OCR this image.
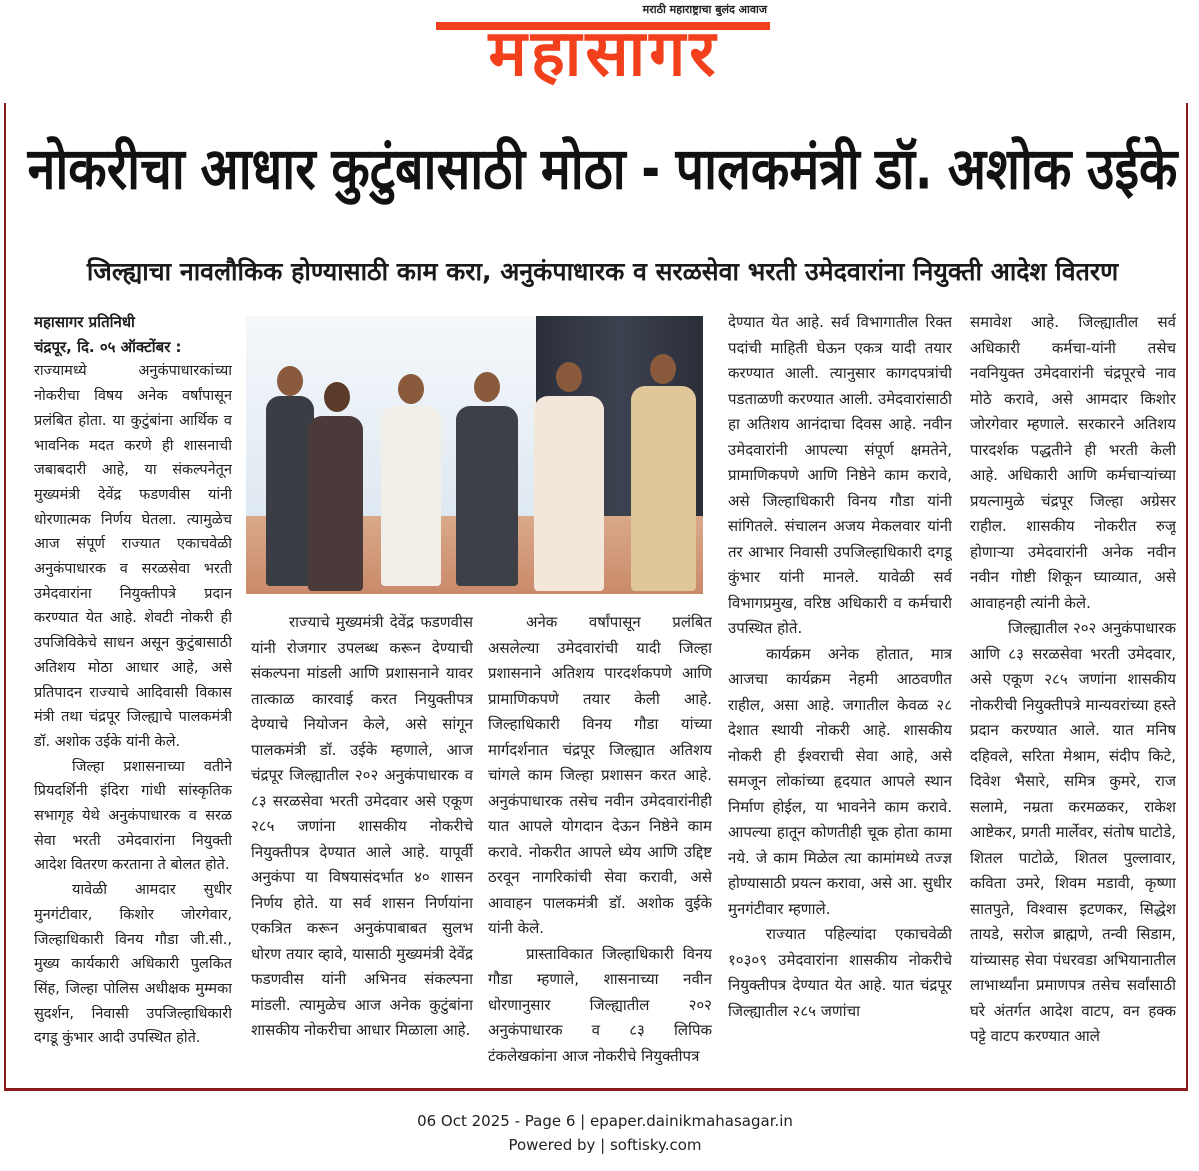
मराठी महाराष्ट्राचा बुलंद आवाज
महासागर
नोकरीचा आधार कुटुंबासाठी मोठा - पालकमंत्री डॉ. अशोक उईके
जिल्ह्याचा नावलौकिक होण्यासाठी काम करा, अनुकंपाधारक व सरळसेवा भरती उमेदवारांना नियुक्ती आदेश वितरण

महासागर प्रतिनिधी

चंद्रपूर, दि. ०५ ऑक्टोंबर :

राज्यामध्ये अनुकंपाधारकांच्या नोकरीचा विषय अनेक वर्षांपासून प्रलंबित होता. या कुटुंबांना आर्थिक व भावनिक मदत करणे ही शासनाची जबाबदारी आहे, या संकल्पनेतून मुख्यमंत्री देवेंद्र फडणवीस यांनी धोरणात्मक निर्णय घेतला. त्यामुळेच आज संपूर्ण राज्यात एकाचवेळी अनुकंपाधारक व सरळसेवा भरती उमेदवारांना नियुक्तीपत्रे प्रदान करण्यात येत आहे. शेवटी नोकरी ही उपजिविकेचे साधन असून कुटुंबासाठी अतिशय मोठा आधार आहे, असे प्रतिपादन राज्याचे आदिवासी विकास मंत्री तथा चंद्रपूर जिल्ह्याचे पालकमंत्री डॉ. अशोक उईके यांनी केले.

जिल्हा प्रशासनाच्या वतीने प्रियदर्शिनी इंदिरा गांधी सांस्कृतिक सभागृह येथे अनुकंपाधारक व सरळ सेवा भरती उमेदवारांना नियुक्ती आदेश वितरण करताना ते बोलत होते.

यावेळी आमदार सुधीर मुनगंटीवार, किशोर जोरगेवार, जिल्हाधिकारी विनय गौडा जी.सी., मुख्य कार्यकारी अधिकारी पुलकित सिंह, जिल्हा पोलिस अधीक्षक मुम्मका सुदर्शन, निवासी उपजिल्हाधिकारी दगडू कुंभार आदी उपस्थित होते.

राज्याचे मुख्यमंत्री देवेंद्र फडणवीस यांनी रोजगार उपलब्ध करून देण्याची संकल्पना मांडली आणि प्रशासनाने यावर तात्काळ कारवाई करत नियुक्तीपत्र देण्याचे नियोजन केले, असे सांगून पालकमंत्री डॉ. उईके म्हणाले, आज चंद्रपूर जिल्ह्यातील २०२ अनुकंपाधारक व ८३ सरळसेवा भरती उमेदवार असे एकूण २८५ जणांना शासकीय नोकरीचे नियुक्तीपत्र देण्यात आले आहे. यापूर्वी अनुकंपा या विषयासंदर्भात ४० शासन निर्णय होते. या सर्व शासन निर्णयांना एकत्रित करून अनुकंपाबाबत सुलभ धोरण तयार व्हावे, यासाठी मुख्यमंत्री देवेंद्र फडणवीस यांनी अभिनव संकल्पना मांडली. त्यामुळेच आज अनेक कुटुंबांना शासकीय नोकरीचा आधार मिळाला आहे.

अनेक वर्षांपासून प्रलंबित असलेल्या उमेदवारांची यादी जिल्हा प्रशासनाने अतिशय पारदर्शकपणे आणि प्रामाणिकपणे तयार केली आहे. जिल्हाधिकारी विनय गौडा यांच्या मार्गदर्शनात चंद्रपूर जिल्ह्यात अतिशय चांगले काम जिल्हा प्रशासन करत आहे. अनुकंपाधारक तसेच नवीन उमेदवारांनीही यात आपले योगदान देऊन निष्ठेने काम करावे. नोकरीत आपले ध्येय आणि उद्दिष्ट ठरवून नागरिकांची सेवा करावी, असे आवाहन पालकमंत्री डॉ. अशोक वुईके यांनी केले.

प्रास्ताविकात जिल्हाधिकारी विनय गौडा म्हणाले, शासनाच्या नवीन धोरणानुसार जिल्ह्यातील २०२ अनुकंपाधारक व ८३ लिपिक टंकलेखकांना आज नोकरीचे नियुक्तीपत्र

देण्यात येत आहे. सर्व विभागातील रिक्त पदांची माहिती घेऊन एकत्र यादी तयार करण्यात आली. त्यानुसार कागदपत्रांची पडताळणी करण्यात आली. उमेदवारांसाठी हा अतिशय आनंदाचा दिवस आहे. नवीन उमेदवारांनी आपल्या संपूर्ण क्षमतेने, प्रामाणिकपणे आणि निष्ठेने काम करावे, असे जिल्हाधिकारी विनय गौडा यांनी सांगितले. संचालन अजय मेकलवार यांनी तर आभार निवासी उपजिल्हाधिकारी दगडू कुंभार यांनी मानले. यावेळी सर्व विभागप्रमुख, वरिष्ठ अधिकारी व कर्मचारी उपस्थित होते.

कार्यक्रम अनेक होतात, मात्र आजचा कार्यक्रम नेहमी आठवणीत राहील, असा आहे. जगातील केवळ २८ देशात स्थायी नोकरी आहे. शासकीय नोकरी ही ईश्वराची सेवा आहे, असे समजून लोकांच्या हृदयात आपले स्थान निर्माण होईल, या भावनेने काम करावे. आपल्या हातून कोणतीही चूक होता कामा नये. जे काम मिळेल त्या कामांमध्ये तज्ज्ञ होण्यासाठी प्रयत्न करावा, असे आ. सुधीर मुनगंटीवार म्हणाले.

राज्यात पहिल्यांदा एकाचवेळी १०३०९ उमेदवारांना शासकीय नोकरीचे नियुक्तीपत्र देण्यात येत आहे. यात चंद्रपूर जिल्ह्यातील २८५ जणांचा

समावेश आहे. जिल्ह्यातील सर्व अधिकारी कर्मचा-यांनी तसेच नवनियुक्त उमेदवारांनी चंद्रपूरचे नाव मोठे करावे, असे आमदार किशोर जोरगेवार म्हणाले. सरकारने अतिशय पारदर्शक पद्धतीने ही भरती केली आहे. अधिकारी आणि कर्मचाऱ्यांच्या प्रयत्नामुळे चंद्रपूर जिल्हा अग्रेसर राहील. शासकीय नोकरीत रुजू होणाऱ्या उमेदवारांनी अनेक नवीन नवीन गोष्टी शिकून घ्याव्यात, असे आवाहनही त्यांनी केले.

जिल्ह्यातील २०२ अनुकंपाधारक आणि ८३ सरळसेवा भरती उमेदवार, असे एकूण २८५ जणांना शासकीय नोकरीची नियुक्तीपत्रे मान्यवरांच्या हस्ते प्रदान करण्यात आले. यात मनिष दहिवले, सरिता मेश्राम, संदीप किटे, दिवेश भैसारे, समित्र कुमरे, राज सलामे, नम्रता करमळकर, राकेश आष्टेकर, प्रगती मार्लेवर, संतोष घाटोडे, शितल पाटोळे, शितल पुल्लावार, कविता उमरे, शिवम मडावी, कृष्णा सातपुते, विश्वास इटणकर, सिद्धेश तायडे, सरोज ब्राह्मणे, तन्वी सिडाम, यांच्यासह सेवा पंधरवडा अभियानातील लाभार्थ्यांना प्रमाणपत्र तसेच सर्वांसाठी घरे अंतर्गत आदेश वाटप, वन हक्क पट्टे वाटप करण्यात आले

06 Oct 2025 - Page 6 | epaper.dainikmahasagar.in
Powered by | softisky.com
